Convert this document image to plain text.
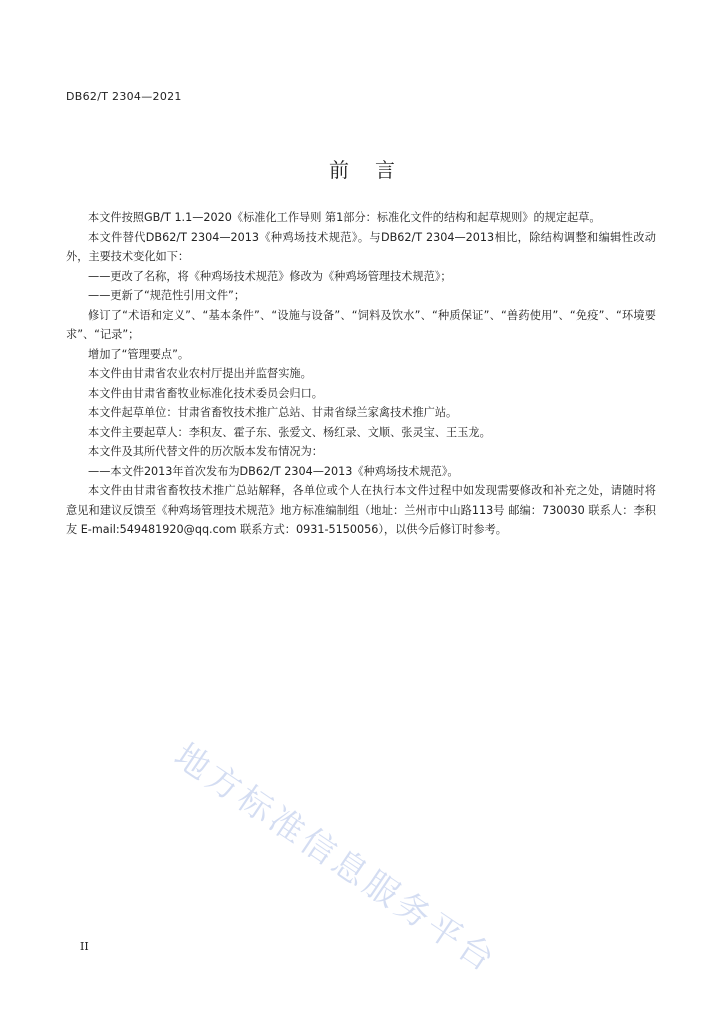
DB62/T 2304—2021
前言

本文件按照GB/T 1.1—2020《标准化工作导则 第1部分：标准化文件的结构和起草规则》的规定起草。

本文件替代DB62/T 2304—2013《种鸡场技术规范》。与DB62/T 2304—2013相比，除结构调整和编辑性改动外，主要技术变化如下：

——更改了名称，将《种鸡场技术规范》修改为《种鸡场管理技术规范》；

——更新了“规范性引用文件”；

修订了“术语和定义”、“基本条件”、“设施与设备”、“饲料及饮水”、“种质保证”、“兽药使用”、“免疫”、“环境要求”、“记录”；

增加了“管理要点”。

本文件由甘肃省农业农村厅提出并监督实施。

本文件由甘肃省畜牧业标准化技术委员会归口。

本文件起草单位：甘肃省畜牧技术推广总站、甘肃省绿兰家禽技术推广站。

本文件主要起草人：李积友、霍子东、张爱文、杨红录、文顺、张灵宝、王玉龙。

本文件及其所代替文件的历次版本发布情况为：

——本文件2013年首次发布为DB62/T 2304—2013《种鸡场技术规范》。

本文件由甘肃省畜牧技术推广总站解释，各单位或个人在执行本文件过程中如发现需要修改和补充之处，请随时将意见和建议反馈至《种鸡场管理技术规范》地方标准编制组（地址：兰州市中山路113号 邮编：730030 联系人：李积友 E-mail:549481920@qq.com 联系方式：0931-5150056），以供今后修订时参考。

地方标准信息服务平台
II
